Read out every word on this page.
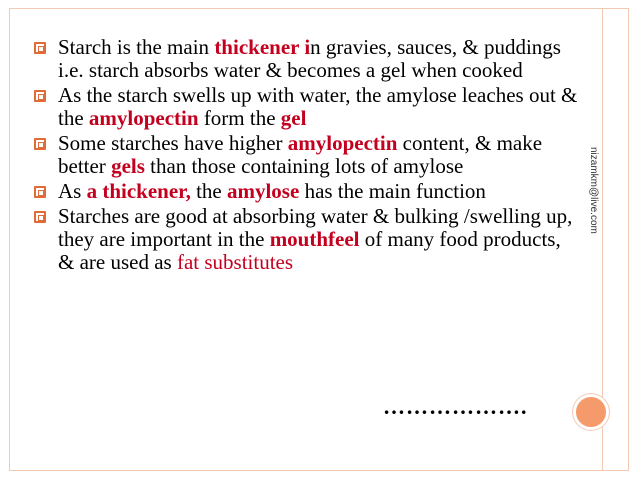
nizamkm@live.com
Starch is the main thickener in gravies, sauces, & puddings i.e. starch absorbs water & becomes a gel when cooked
As the starch swells up with water, the amylose leaches out & the amylopectin form the gel
Some starches have higher amylopectin content, & make better gels than those containing lots of amylose
As a thickener, the amylose has the main function
Starches are good at absorbing water & bulking /swelling up, they are important in the mouthfeel of many food products, & are used as fat substitutes
……………….
